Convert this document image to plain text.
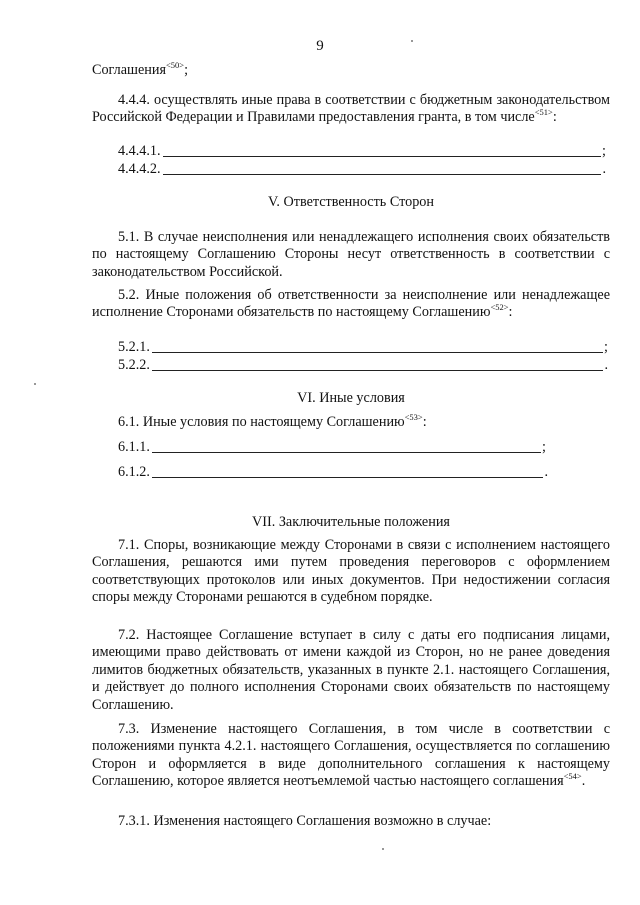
9

Соглашения$^{<50>}$;

4.4.4. осуществлять иные права в соответствии с бюджетным законодательством Российской Федерации и Правилами предоставления гранта, в том числе$^{<51>}$:

4.4.4.1.	;
4.4.4.2.	.
V. Ответственность Сторон

5.1. В случае неисполнения или ненадлежащего исполнения своих обязательств по настоящему Соглашению Стороны несут ответственность в соответствии с законодательством Российской.

5.2. Иные положения об ответственности за неисполнение или ненадлежащее исполнение Сторонами обязательств по настоящему Соглашению$^{<52>}$:

5.2.1.	;
5.2.2.	.
VI. Иные условия

6.1. Иные условия по настоящему Соглашению$^{<53>}$:

6.1.1.	;
6.1.2.	.
VII. Заключительные положения

7.1. Споры, возникающие между Сторонами в связи с исполнением настоящего Соглашения, решаются ими путем проведения переговоров с оформлением соответствующих протоколов или иных документов. При недостижении согласия споры между Сторонами решаются в судебном порядке.

7.2. Настоящее Соглашение вступает в силу с даты его подписания лицами, имеющими право действовать от имени каждой из Сторон, но не ранее доведения лимитов бюджетных обязательств, указанных в пункте 2.1. настоящего Соглашения, и действует до полного исполнения Сторонами своих обязательств по настоящему Соглашению.

7.3. Изменение настоящего Соглашения, в том числе в соответствии с положениями пункта 4.2.1. настоящего Соглашения, осуществляется по соглашению Сторон и оформляется в виде дополнительного соглашения к настоящему Соглашению, которое является неотъемлемой частью настоящего соглашения$^{<54>}$.

7.3.1. Изменения настоящего Соглашения возможно в случае:
